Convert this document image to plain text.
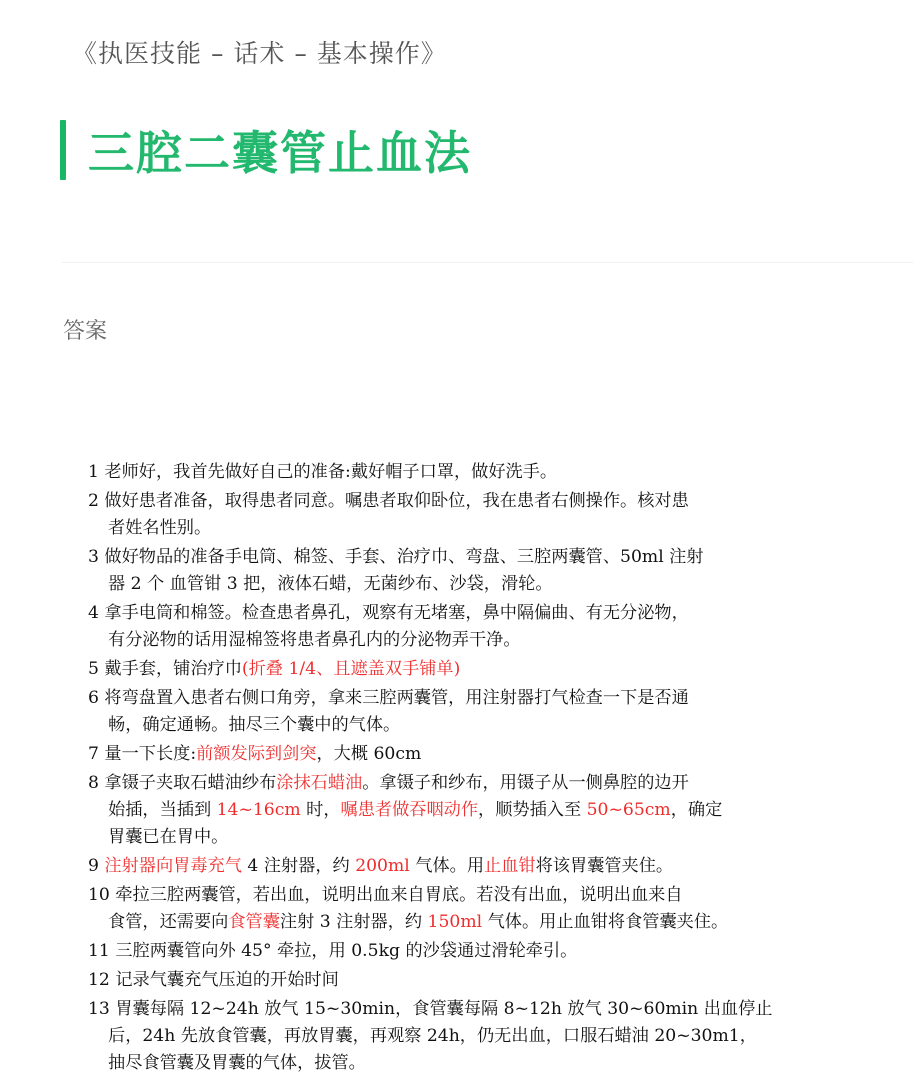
《执医技能 – 话术 – 基本操作》
三腔二囊管止血法
答案
1 老师好，我首先做好自己的准备:戴好帽子口罩，做好洗手。
2 做好患者准备，取得患者同意。嘱患者取仰卧位，我在患者右侧操作。核对患
者姓名性别。
3 做好物品的准备手电筒、棉签、手套、治疗巾、弯盘、三腔两囊管、50ml 注射
器 2 个 血管钳 3 把，液体石蜡，无菌纱布、沙袋，滑轮。
4 拿手电筒和棉签。检查患者鼻孔，观察有无堵塞，鼻中隔偏曲、有无分泌物，
有分泌物的话用湿棉签将患者鼻孔内的分泌物弄干净。
5 戴手套，铺治疗巾(折叠 1/4、且遮盖双手铺单)
6 将弯盘置入患者右侧口角旁，拿来三腔两囊管，用注射器打气检查一下是否通
畅，确定通畅。抽尽三个囊中的气体。
7 量一下长度:前额发际到剑突，大概 60cm
8 拿镊子夹取石蜡油纱布涂抹石蜡油。拿镊子和纱布，用镊子从一侧鼻腔的边开
始插，当插到 14~16cm 时，嘱患者做吞咽动作，顺势插入至 50~65cm，确定
胃囊已在胃中。
9 注射器向胃毒充气 4 注射器，约 200ml 气体。用止血钳将该胃囊管夹住。
10 牵拉三腔两囊管，若出血，说明出血来自胃底。若没有出血，说明出血来自
食管，还需要向食管囊注射 3 注射器，约 150ml 气体。用止血钳将食管囊夹住。
11 三腔两囊管向外 45° 牵拉，用 0.5kg 的沙袋通过滑轮牵引。
12 记录气囊充气压迫的开始时间
13 胃囊每隔 12~24h 放气 15~30min，食管囊每隔 8~12h 放气 30~60min 出血停止
后，24h 先放食管囊，再放胃囊，再观察 24h，仍无出血，口服石蜡油 20~30m1，
抽尽食管囊及胃囊的气体，拔管。
